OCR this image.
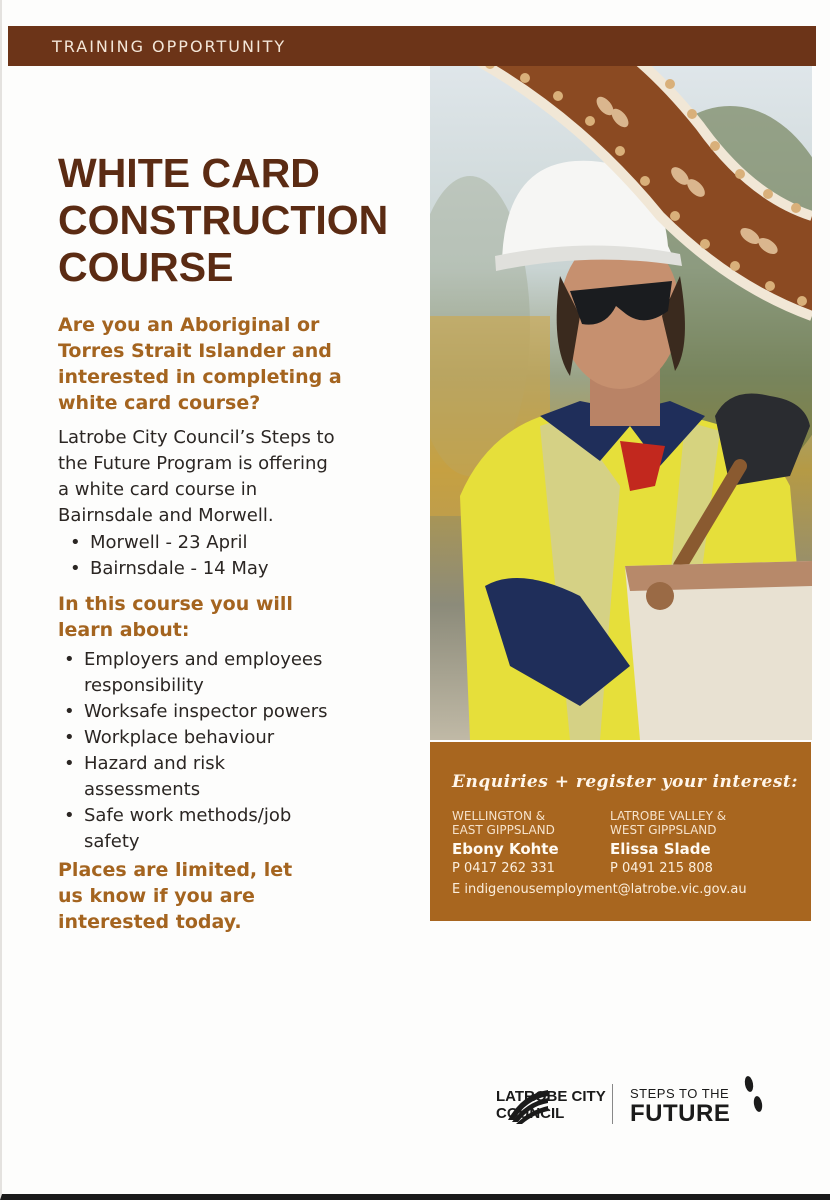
TRAINING OPPORTUNITY
WHITE CARD
CONSTRUCTION
COURSE
Are you an Aboriginal or
Torres Strait Islander and
interested in completing a
white card course?
Latrobe City Council’s Steps to
the Future Program is offering
a white card course in
Bairnsdale and Morwell.
• Morwell - 23 April
• Bairnsdale - 14 May
In this course you will
learn about:
• Employers and employees
responsibility
• Worksafe inspector powers
• Workplace behaviour
• Hazard and risk
assessments
• Safe work methods/job
safety
Places are limited, let
us know if you are
interested today.
Enquiries + register your interest:
WELLINGTON &
EAST GIPPSLAND
Ebony Kohte
P 0417 262 331
LATROBE VALLEY &
WEST GIPPSLAND
Elissa Slade
P 0491 215 808
E indigenousemployment@latrobe.vic.gov.au
LATROBE CITY
COUNCIL
STEPS TO THE
FUTURE
